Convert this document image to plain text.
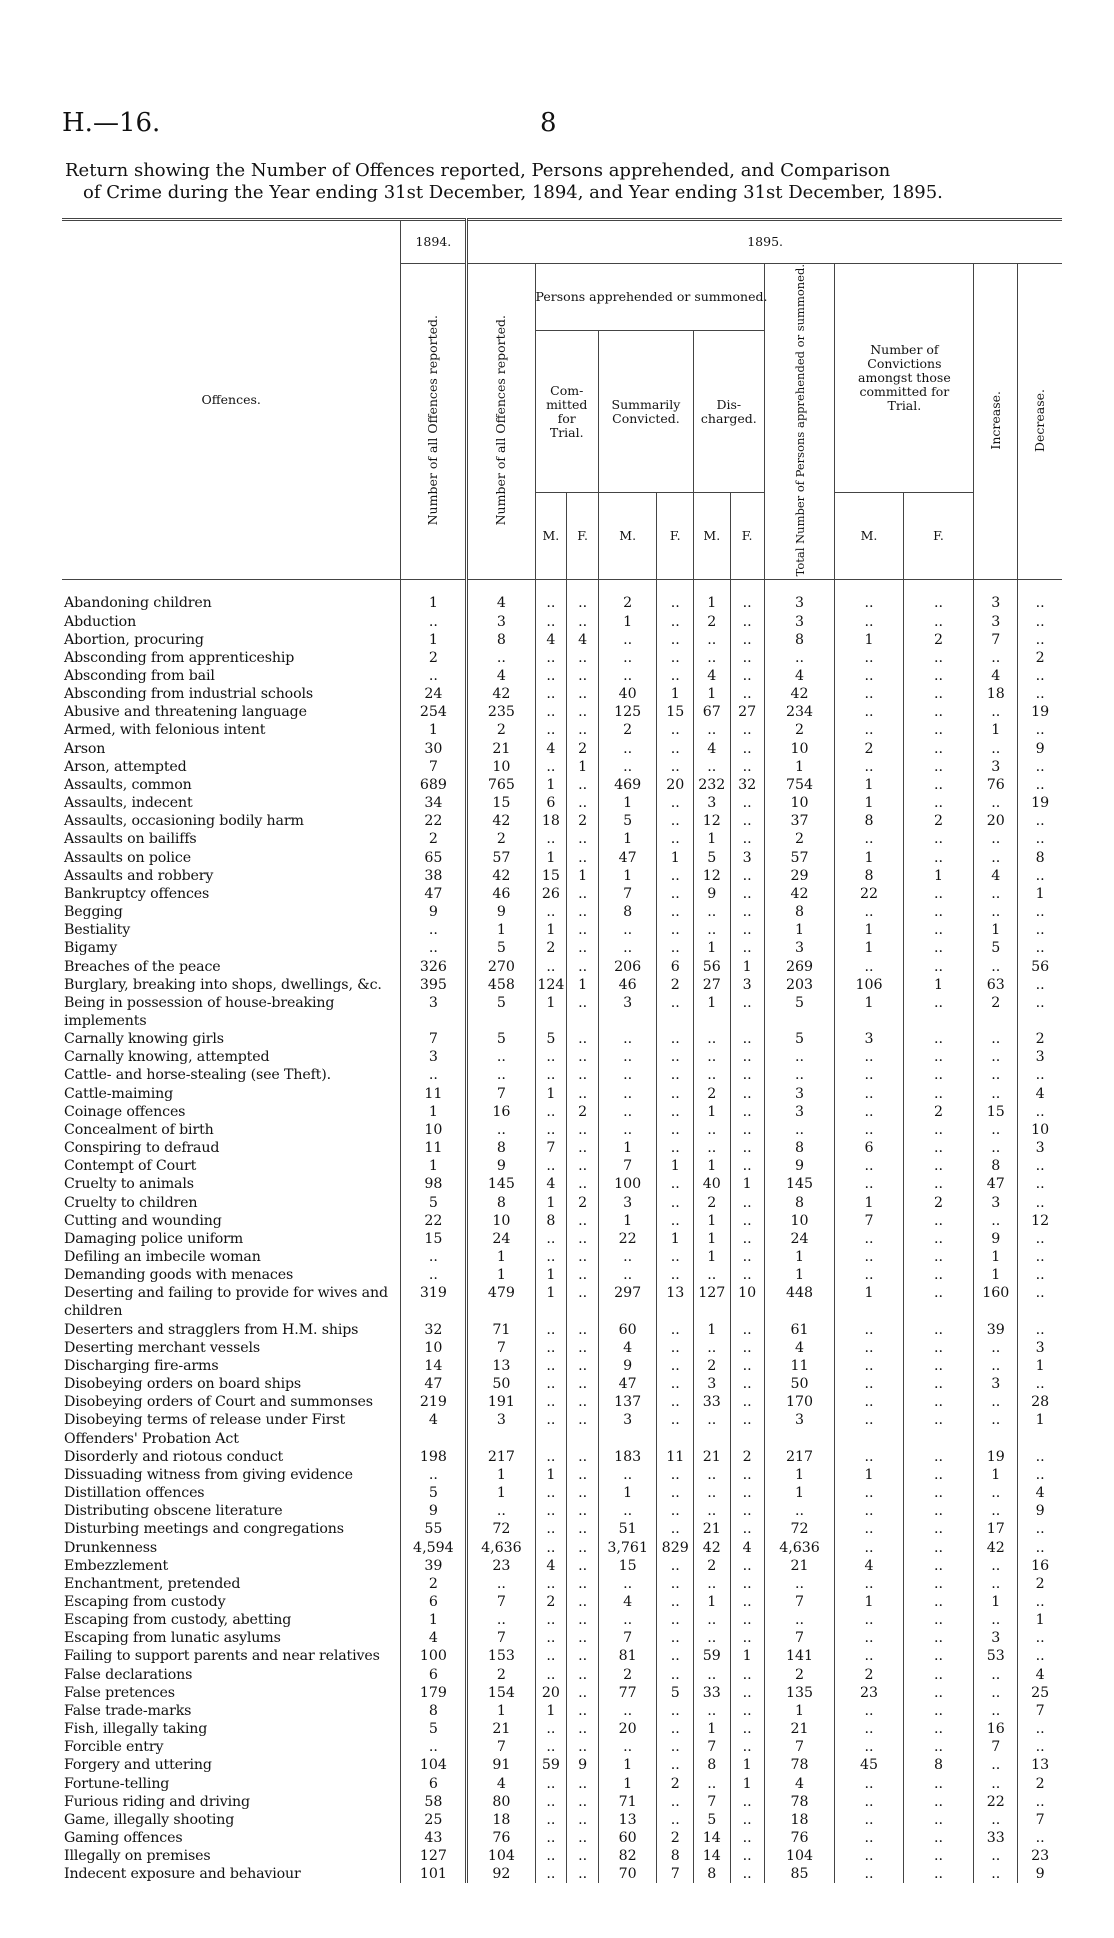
H.—16.	8
Return showing the Number of Offences reported, Persons apprehended, and Comparison
of Crime during the Year ending 31st December, 1894, and Year ending 31st December, 1895.
Offences.	1894.	1895.											
	Number of all Offences reported.	Number of all Offences reported.	Persons apprehended or summoned.						Total Number of Persons apprehended or summoned.	Number of Convictions amongst those committed for Trial.		Increase.	Decrease.
			Com-mitted for Trial.		Summarily Convicted.		Dis-charged.						
			M.	F.	M.	F.	M.	F.		M.	F.		

Abandoning children	1	4	..	..	2	..	1	..	3	..	..	3	..
Abduction	..	3	..	..	1	..	2	..	3	..	..	3	..
Abortion, procuring	1	8	4	4	..	..	..	..	8	1	2	7	..
Absconding from apprenticeship	2	..	..	..	..	..	..	..	..	..	..	..	2
Absconding from bail	..	4	..	..	..	..	4	..	4	..	..	4	..
Absconding from industrial schools	24	42	..	..	40	1	1	..	42	..	..	18	..
Abusive and threatening language	254	235	..	..	125	15	67	27	234	..	..	..	19
Armed, with felonious intent	1	2	..	..	2	..	..	..	2	..	..	1	..
Arson	30	21	4	2	..	..	4	..	10	2	..	..	9
Arson, attempted	7	10	..	1	..	..	..	..	1	..	..	3	..
Assaults, common	689	765	1	..	469	20	232	32	754	1	..	76	..
Assaults, indecent	34	15	6	..	1	..	3	..	10	1	..	..	19
Assaults, occasioning bodily harm	22	42	18	2	5	..	12	..	37	8	2	20	..
Assaults on bailiffs	2	2	..	..	1	..	1	..	2	..	..	..	..
Assaults on police	65	57	1	..	47	1	5	3	57	1	..	..	8
Assaults and robbery	38	42	15	1	1	..	12	..	29	8	1	4	..
Bankruptcy offences	47	46	26	..	7	..	9	..	42	22	..	..	1
Begging	9	9	..	..	8	..	..	..	8	..	..	..	..
Bestiality	..	1	1	..	..	..	..	..	1	1	..	1	..
Bigamy	..	5	2	..	..	..	1	..	3	1	..	5	..
Breaches of the peace	326	270	..	..	206	6	56	1	269	..	..	..	56
Burglary, breaking into shops, dwellings, &c.	395	458	124	1	46	2	27	3	203	106	1	63	..
Being in possession of house-breaking implements	3	5	1	..	3	..	1	..	5	1	..	2	..
Carnally knowing girls	7	5	5	..	..	..	..	..	5	3	..	..	2
Carnally knowing, attempted	3	..	..	..	..	..	..	..	..	..	..	..	3
Cattle- and horse-stealing (see Theft).	..	..	..	..	..	..	..	..	..	..	..	..	..
Cattle-maiming	11	7	1	..	..	..	2	..	3	..	..	..	4
Coinage offences	1	16	..	2	..	..	1	..	3	..	2	15	..
Concealment of birth	10	..	..	..	..	..	..	..	..	..	..	..	10
Conspiring to defraud	11	8	7	..	1	..	..	..	8	6	..	..	3
Contempt of Court	1	9	..	..	7	1	1	..	9	..	..	8	..
Cruelty to animals	98	145	4	..	100	..	40	1	145	..	..	47	..
Cruelty to children	5	8	1	2	3	..	2	..	8	1	2	3	..
Cutting and wounding	22	10	8	..	1	..	1	..	10	7	..	..	12
Damaging police uniform	15	24	..	..	22	1	1	..	24	..	..	9	..
Defiling an imbecile woman	..	1	..	..	..	..	1	..	1	..	..	1	..
Demanding goods with menaces	..	1	1	..	..	..	..	..	1	..	..	1	..
Deserting and failing to provide for wives and children	319	479	1	..	297	13	127	10	448	1	..	160	..
Deserters and stragglers from H.M. ships	32	71	..	..	60	..	1	..	61	..	..	39	..
Deserting merchant vessels	10	7	..	..	4	..	..	..	4	..	..	..	3
Discharging fire-arms	14	13	..	..	9	..	2	..	11	..	..	..	1
Disobeying orders on board ships	47	50	..	..	47	..	3	..	50	..	..	3	..
Disobeying orders of Court and summonses	219	191	..	..	137	..	33	..	170	..	..	..	28
Disobeying terms of release under First Offenders' Probation Act	4	3	..	..	3	..	..	..	3	..	..	..	1
Disorderly and riotous conduct	198	217	..	..	183	11	21	2	217	..	..	19	..
Dissuading witness from giving evidence	..	1	1	..	..	..	..	..	1	1	..	1	..
Distillation offences	5	1	..	..	1	..	..	..	1	..	..	..	4
Distributing obscene literature	9	..	..	..	..	..	..	..	..	..	..	..	9
Disturbing meetings and congregations	55	72	..	..	51	..	21	..	72	..	..	17	..
Drunkenness	4,594	4,636	..	..	3,761	829	42	4	4,636	..	..	42	..
Embezzlement	39	23	4	..	15	..	2	..	21	4	..	..	16
Enchantment, pretended	2	..	..	..	..	..	..	..	..	..	..	..	2
Escaping from custody	6	7	2	..	4	..	1	..	7	1	..	1	..
Escaping from custody, abetting	1	..	..	..	..	..	..	..	..	..	..	..	1
Escaping from lunatic asylums	4	7	..	..	7	..	..	..	7	..	..	3	..
Failing to support parents and near relatives	100	153	..	..	81	..	59	1	141	..	..	53	..
False declarations	6	2	..	..	2	..	..	..	2	2	..	..	4
False pretences	179	154	20	..	77	5	33	..	135	23	..	..	25
False trade-marks	8	1	1	..	..	..	..	..	1	..	..	..	7
Fish, illegally taking	5	21	..	..	20	..	1	..	21	..	..	16	..
Forcible entry	..	7	..	..	..	..	7	..	7	..	..	7	..
Forgery and uttering	104	91	59	9	1	..	8	1	78	45	8	..	13
Fortune-telling	6	4	..	..	1	2	..	1	4	..	..	..	2
Furious riding and driving	58	80	..	..	71	..	7	..	78	..	..	22	..
Game, illegally shooting	25	18	..	..	13	..	5	..	18	..	..	..	7
Gaming offences	43	76	..	..	60	2	14	..	76	..	..	33	..
Illegally on premises	127	104	..	..	82	8	14	..	104	..	..	..	23
Indecent exposure and behaviour	101	92	..	..	70	7	8	..	85	..	..	..	9
